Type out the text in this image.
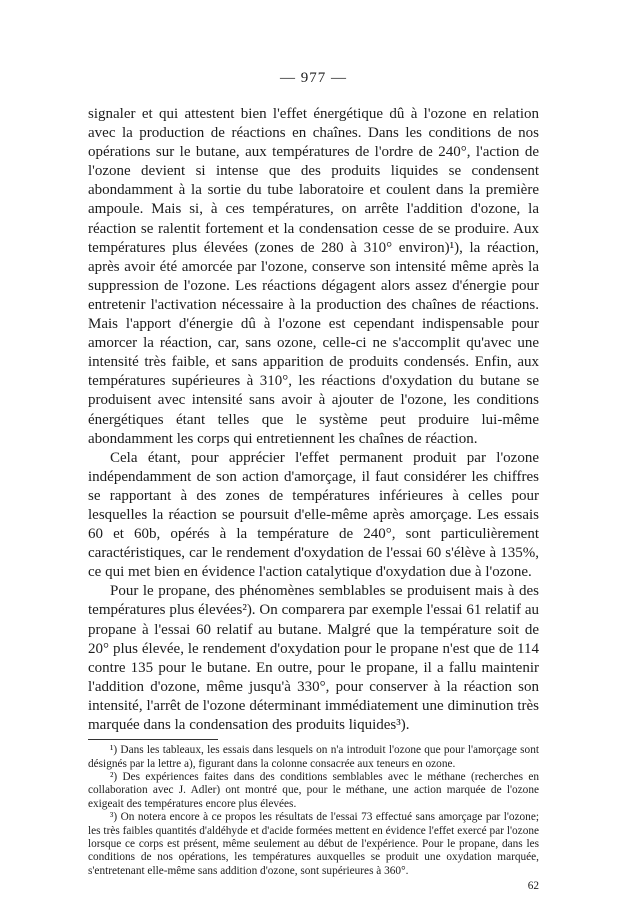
— 977 —

signaler et qui attestent bien l'effet énergétique dû à l'ozone en relation avec la production de réactions en chaînes. Dans les conditions de nos opérations sur le butane, aux températures de l'ordre de 240°, l'action de l'ozone devient si intense que des produits liquides se condensent abondamment à la sortie du tube laboratoire et coulent dans la première ampoule. Mais si, à ces températures, on arrête l'addition d'ozone, la réaction se ralentit fortement et la condensation cesse de se produire. Aux températures plus élevées (zones de 280 à 310° environ)¹), la réaction, après avoir été amorcée par l'ozone, conserve son intensité même après la suppression de l'ozone. Les réactions dégagent alors assez d'énergie pour entretenir l'activation nécessaire à la production des chaînes de réactions. Mais l'apport d'énergie dû à l'ozone est cependant indispensable pour amorcer la réaction, car, sans ozone, celle-ci ne s'accomplit qu'avec une intensité très faible, et sans apparition de produits condensés. Enfin, aux températures supérieures à 310°, les réactions d'oxydation du butane se produisent avec intensité sans avoir à ajouter de l'ozone, les conditions énergétiques étant telles que le système peut produire lui-même abondamment les corps qui entretiennent les chaînes de réaction.

Cela étant, pour apprécier l'effet permanent produit par l'ozone indépendamment de son action d'amorçage, il faut considérer les chiffres se rapportant à des zones de températures inférieures à celles pour lesquelles la réaction se poursuit d'elle-même après amorçage. Les essais 60 et 60b, opérés à la température de 240°, sont particulièrement caractéristiques, car le rendement d'oxydation de l'essai 60 s'élève à 135%, ce qui met bien en évidence l'action catalytique d'oxydation due à l'ozone.

Pour le propane, des phénomènes semblables se produisent mais à des températures plus élevées²). On comparera par exemple l'essai 61 relatif au propane à l'essai 60 relatif au butane. Malgré que la température soit de 20° plus élevée, le rendement d'oxydation pour le propane n'est que de 114 contre 135 pour le butane. En outre, pour le propane, il a fallu maintenir l'addition d'ozone, même jusqu'à 330°, pour conserver à la réaction son intensité, l'arrêt de l'ozone déterminant immédiatement une diminution très marquée dans la condensation des produits liquides³).

¹) Dans les tableaux, les essais dans lesquels on n'a introduit l'ozone que pour l'amorçage sont désignés par la lettre a), figurant dans la colonne consacrée aux teneurs en ozone.

²) Des expériences faites dans des conditions semblables avec le méthane (recherches en collaboration avec J. Adler) ont montré que, pour le méthane, une action marquée de l'ozone exigeait des températures encore plus élevées.

³) On notera encore à ce propos les résultats de l'essai 73 effectué sans amorçage par l'ozone; les très faibles quantités d'aldéhyde et d'acide formées mettent en évidence l'effet exercé par l'ozone lorsque ce corps est présent, même seulement au début de l'expérience. Pour le propane, dans les conditions de nos opérations, les températures auxquelles se produit une oxydation marquée, s'entretenant elle-même sans addition d'ozone, sont supérieures à 360°.

62
